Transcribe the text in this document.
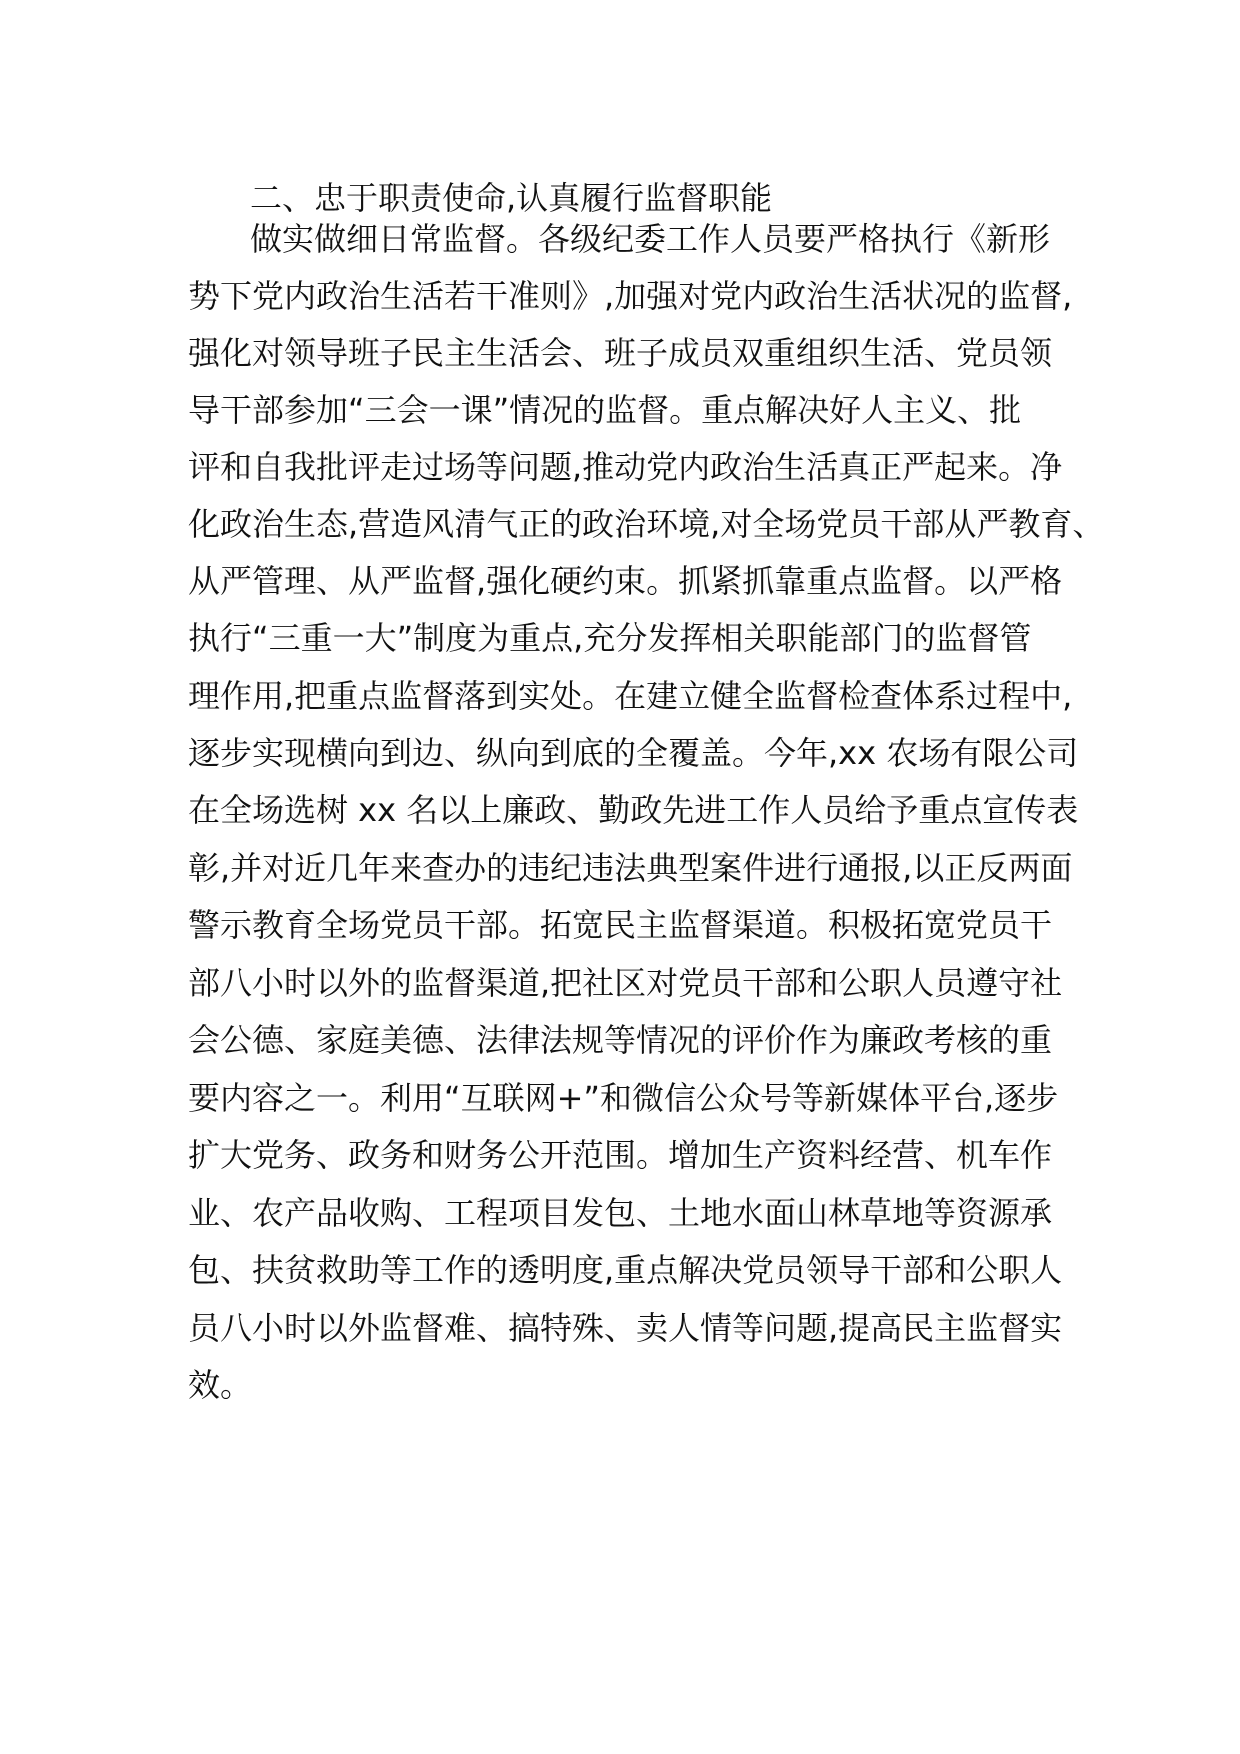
二、忠于职责使命,认真履行监督职能

做实做细日常监督。各级纪委工作人员要严格执行《新形

势下党内政治生活若干准则》,加强对党内政治生活状况的监督,

强化对领导班子民主生活会、班子成员双重组织生活、党员领

导干部参加“三会一课”情况的监督。重点解决好人主义、批

评和自我批评走过场等问题,推动党内政治生活真正严起来。净

化政治生态,营造风清气正的政治环境,对全场党员干部从严教育、

从严管理、从严监督,强化硬约束。抓紧抓靠重点监督。以严格

执行“三重一大”制度为重点,充分发挥相关职能部门的监督管

理作用,把重点监督落到实处。在建立健全监督检查体系过程中,

逐步实现横向到边、纵向到底的全覆盖。今年,xx 农场有限公司

在全场选树 xx 名以上廉政、勤政先进工作人员给予重点宣传表

彰,并对近几年来查办的违纪违法典型案件进行通报,以正反两面

警示教育全场党员干部。拓宽民主监督渠道。积极拓宽党员干

部八小时以外的监督渠道,把社区对党员干部和公职人员遵守社

会公德、家庭美德、法律法规等情况的评价作为廉政考核的重

要内容之一。利用“互联网+”和微信公众号等新媒体平台,逐步

扩大党务、政务和财务公开范围。增加生产资料经营、机车作

业、农产品收购、工程项目发包、土地水面山林草地等资源承

包、扶贫救助等工作的透明度,重点解决党员领导干部和公职人

员八小时以外监督难、搞特殊、卖人情等问题,提高民主监督实

效。
